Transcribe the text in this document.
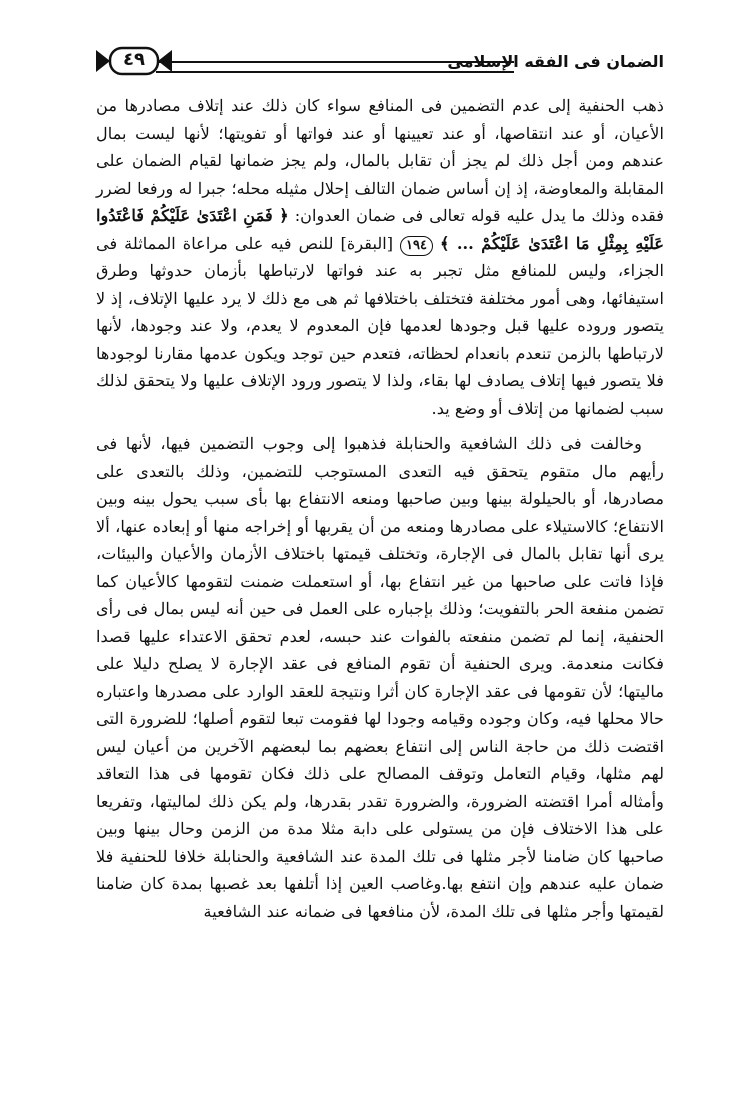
الضمان فى الفقه الإسلامى
٤٩

ذهب الحنفية إلى عدم التضمين فى المنافع سواء كان ذلك عند إتلاف مصادرها من الأعيان، أو عند انتقاصها، أو عند تعيينها أو عند فواتها أو تفويتها؛ لأنها ليست بمال عندهم ومن أجل ذلك لم يجز أن تقابل بالمال، ولم يجز ضمانها لقيام الضمان على المقابلة والمعاوضة، إذ إن أساس ضمان التالف إحلال مثيله محله؛ جبرا له ورفعا لضرر فقده وذلك ما يدل عليه قوله تعالى فى ضمان العدوان: ﴿ فَمَنِ اعْتَدَىٰ عَلَيْكُمْ فَاعْتَدُوا عَلَيْهِ بِمِثْلِ مَا اعْتَدَىٰ عَلَيْكُمْ ... ﴾ ١٩٤ [البقرة] للنص فيه على مراعاة المماثلة فى الجزاء، وليس للمنافع مثل تجبر به عند فواتها لارتباطها بأزمان حدوثها وطرق استيفائها، وهى أمور مختلفة فتختلف باختلافها ثم هى مع ذلك لا يرد عليها الإتلاف، إذ لا يتصور وروده عليها قبل وجودها لعدمها فإن المعدوم لا يعدم، ولا عند وجودها، لأنها لارتباطها بالزمن تنعدم بانعدام لحظاته، فتعدم حين توجد ويكون عدمها مقارنا لوجودها فلا يتصور فيها إتلاف يصادف لها بقاء، ولذا لا يتصور ورود الإتلاف عليها ولا يتحقق لذلك سبب لضمانها من إتلاف أو وضع يد.

وخالفت فى ذلك الشافعية والحنابلة فذهبوا إلى وجوب التضمين فيها، لأنها فى رأيهم مال متقوم يتحقق فيه التعدى المستوجب للتضمين، وذلك بالتعدى على مصادرها، أو بالحيلولة بينها وبين صاحبها ومنعه الانتفاع بها بأى سبب يحول بينه وبين الانتفاع؛ كالاستيلاء على مصادرها ومنعه من أن يقربها أو إخراجه منها أو إبعاده عنها، ألا يرى أنها تقابل بالمال فى الإجارة، وتختلف قيمتها باختلاف الأزمان والأعيان والبيئات، فإذا فاتت على صاحبها من غير انتفاع بها، أو استعملت ضمنت لتقومها كالأعيان كما تضمن منفعة الحر بالتفويت؛ وذلك بإجباره على العمل فى حين أنه ليس بمال فى رأى الحنفية، إنما لم تضمن منفعته بالفوات عند حبسه، لعدم تحقق الاعتداء عليها قصدا فكانت منعدمة. ويرى الحنفية أن تقوم المنافع فى عقد الإجارة لا يصلح دليلا على ماليتها؛ لأن تقومها فى عقد الإجارة كان أثرا ونتيجة للعقد الوارد على مصدرها واعتباره حالا محلها فيه، وكان وجوده وقيامه وجودا لها فقومت تبعا لتقوم أصلها؛ للضرورة التى اقتضت ذلك من حاجة الناس إلى انتفاع بعضهم بما لبعضهم الآخرين من أعيان ليس لهم مثلها، وقيام التعامل وتوقف المصالح على ذلك فكان تقومها فى هذا التعاقد وأمثاله أمرا اقتضته الضرورة، والضرورة تقدر بقدرها، ولم يكن ذلك لماليتها، وتفريعا على هذا الاختلاف فإن من يستولى على دابة مثلا مدة من الزمن وحال بينها وبين صاحبها كان ضامنا لأجر مثلها فى تلك المدة عند الشافعية والحنابلة خلافا للحنفية فلا ضمان عليه عندهم وإن انتفع بها.وغاصب العين إذا أتلفها بعد غصبها بمدة كان ضامنا لقيمتها وأجر مثلها فى تلك المدة، لأن منافعها فى ضمانه عند الشافعية
